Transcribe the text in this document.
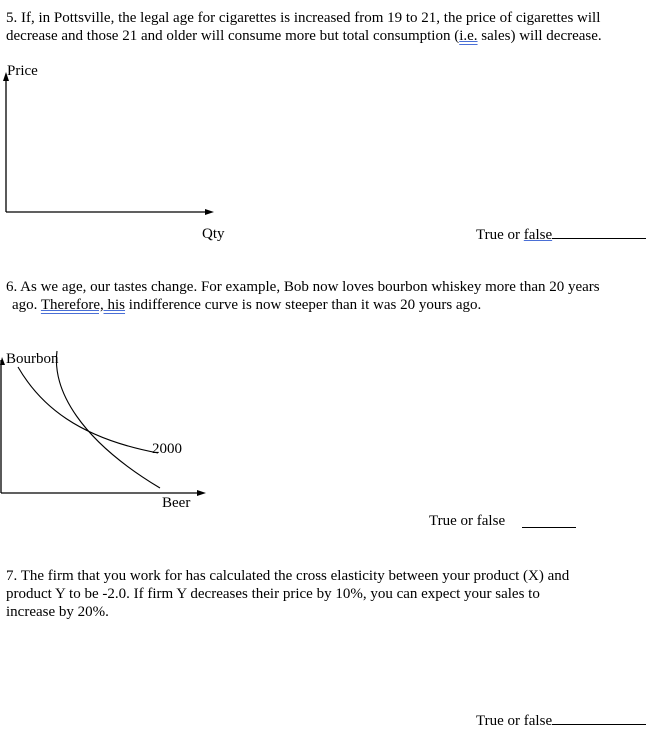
5. If, in Pottsville, the legal age for cigarettes is increased from 19 to 21, the price of cigarettes will
decrease and those 21 and older will consume more but total consumption (i.e. sales) will decrease.
Price
Qty	True or false
6. As we age, our tastes change. For example, Bob now loves bourbon whiskey more than 20 years
ago. Therefore, his indifference curve is now steeper than it was 20 yours ago.
Bourbon
2000
Beer
True or false
7. The firm that you work for has calculated the cross elasticity between your product (X) and
product Y to be -2.0. If firm Y decreases their price by 10%, you can expect your sales to
increase by 20%.
True or false
